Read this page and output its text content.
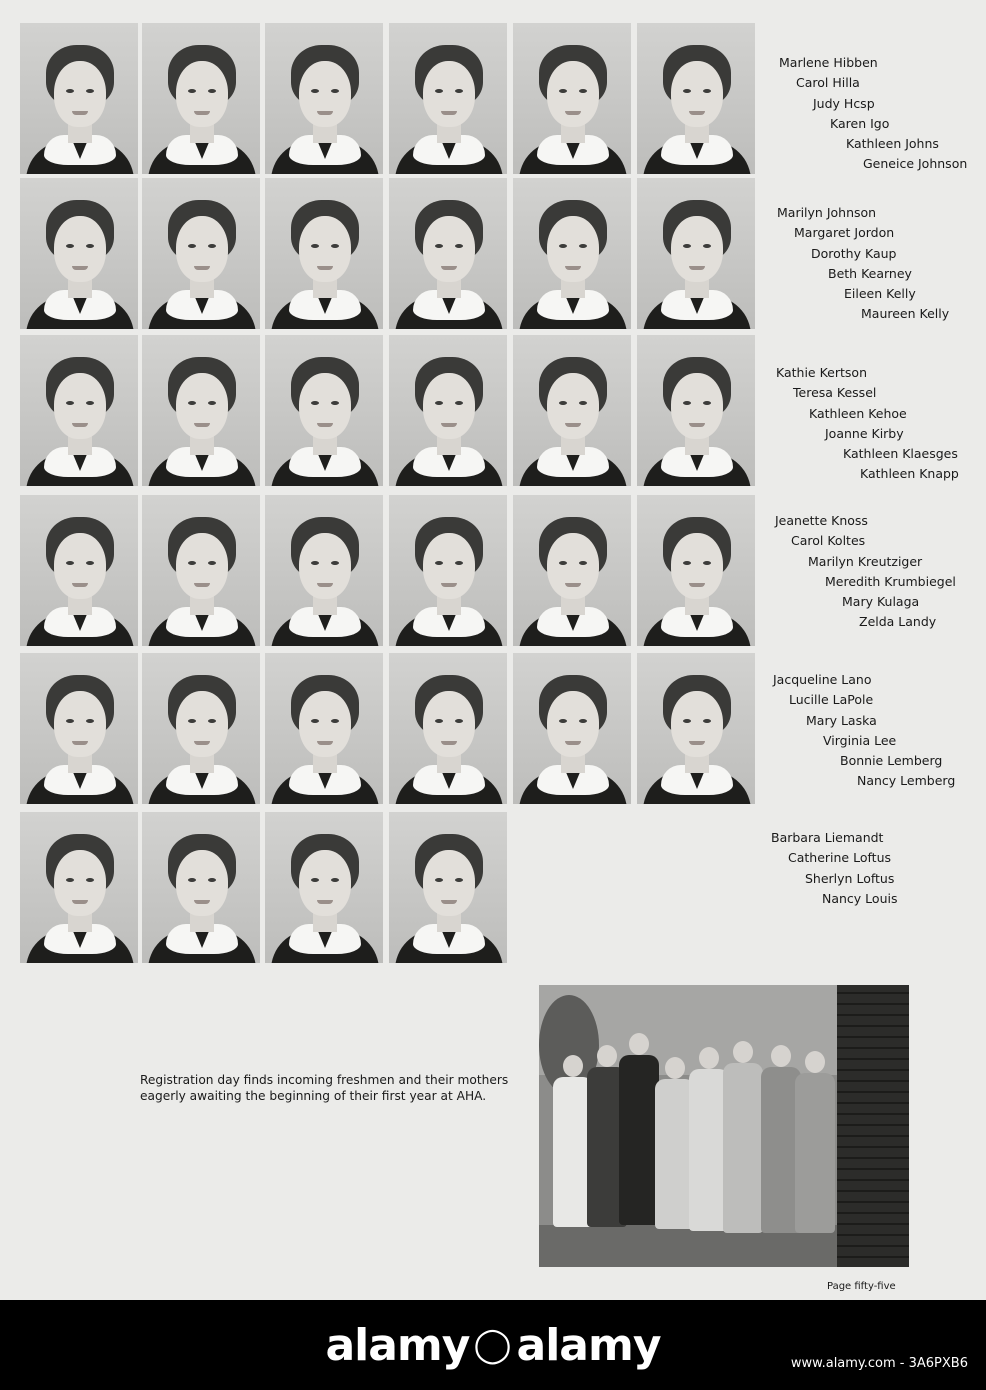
Marlene Hibben
Carol Hilla
Judy Hcsp
Karen Igo
Kathleen Johns
Geneice Johnson
Marilyn Johnson
Margaret Jordon
Dorothy Kaup
Beth Kearney
Eileen Kelly
Maureen Kelly
Kathie Kertson
Teresa Kessel
Kathleen Kehoe
Joanne Kirby
Kathleen Klaesges
Kathleen Knapp
Jeanette Knoss
Carol Koltes
Marilyn Kreutziger
Meredith Krumbiegel
Mary Kulaga
Zelda Landy
Jacqueline Lano
Lucille LaPole
Mary Laska
Virginia Lee
Bonnie Lemberg
Nancy Lemberg
Barbara Liemandt
Catherine Loftus
Sherlyn Loftus
Nancy Louis
Registration day finds incoming freshmen and their mothers eagerly awaiting the beginning of their first year at AHA.
Page fifty-five
alamy ◯ alamy	www.alamy.com - 3A6PXB6
